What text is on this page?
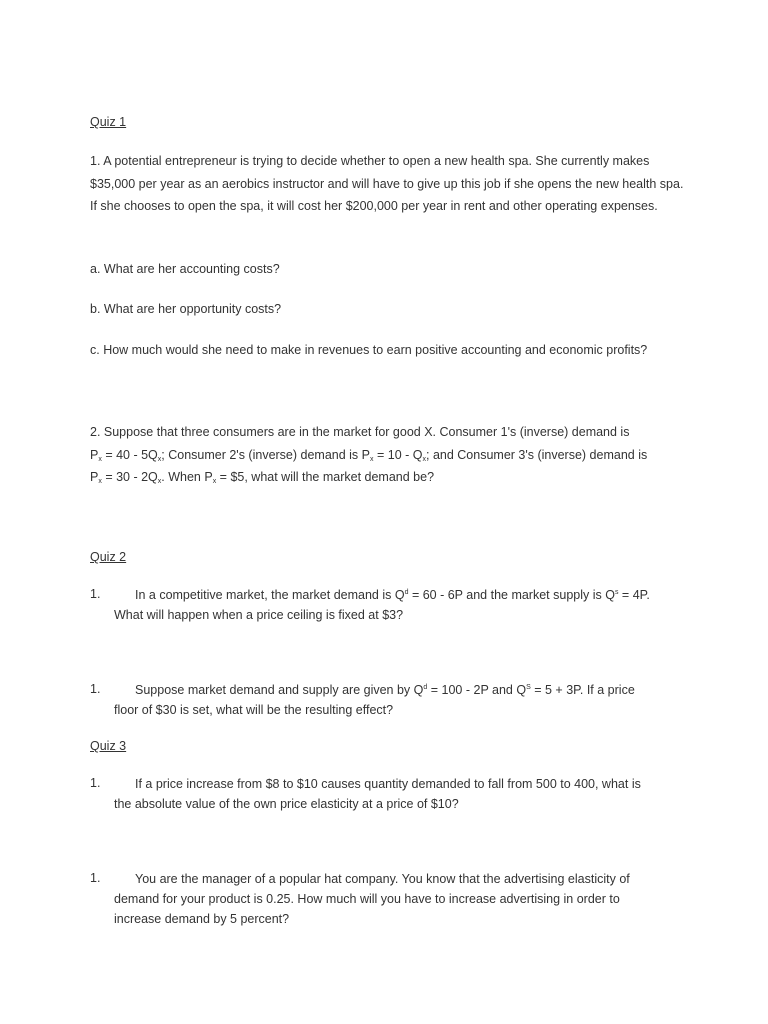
Quiz 1
1. A potential entrepreneur is trying to decide whether to open a new health spa. She currently makes $35,000 per year as an aerobics instructor and will have to give up this job if she opens the new health spa. If she chooses to open the spa, it will cost her $200,000 per year in rent and other operating expenses.
a. What are her accounting costs?
b. What are her opportunity costs?
c. How much would she need to make in revenues to earn positive accounting and economic profits?
2. Suppose that three consumers are in the market for good X. Consumer 1's (inverse) demand is
$P_x = 40 - 5Q_x$; Consumer 2's (inverse) demand is $P_x = 10 - Q_x$; and Consumer 3's (inverse) demand is
$P_x = 30 - 2Q_x$. When $P_x$ = $5, what will the market demand be?
Quiz 2
1.	In a competitive market, the market demand is $Q^d = 60 - 6P$ and the market supply is $Q^s = 4P$.
What will happen when a price ceiling is fixed at $3?
1.	Suppose market demand and supply are given by $Q^d = 100 - 2P$ and $Q^S = 5 + 3P$. If a price
floor of $30 is set, what will be the resulting effect?
Quiz 3
1.	If a price increase from $8 to $10 causes quantity demanded to fall from 500 to 400, what is
the absolute value of the own price elasticity at a price of $10?
1.	You are the manager of a popular hat company. You know that the advertising elasticity of
demand for your product is 0.25. How much will you have to increase advertising in order to
increase demand by 5 percent?
